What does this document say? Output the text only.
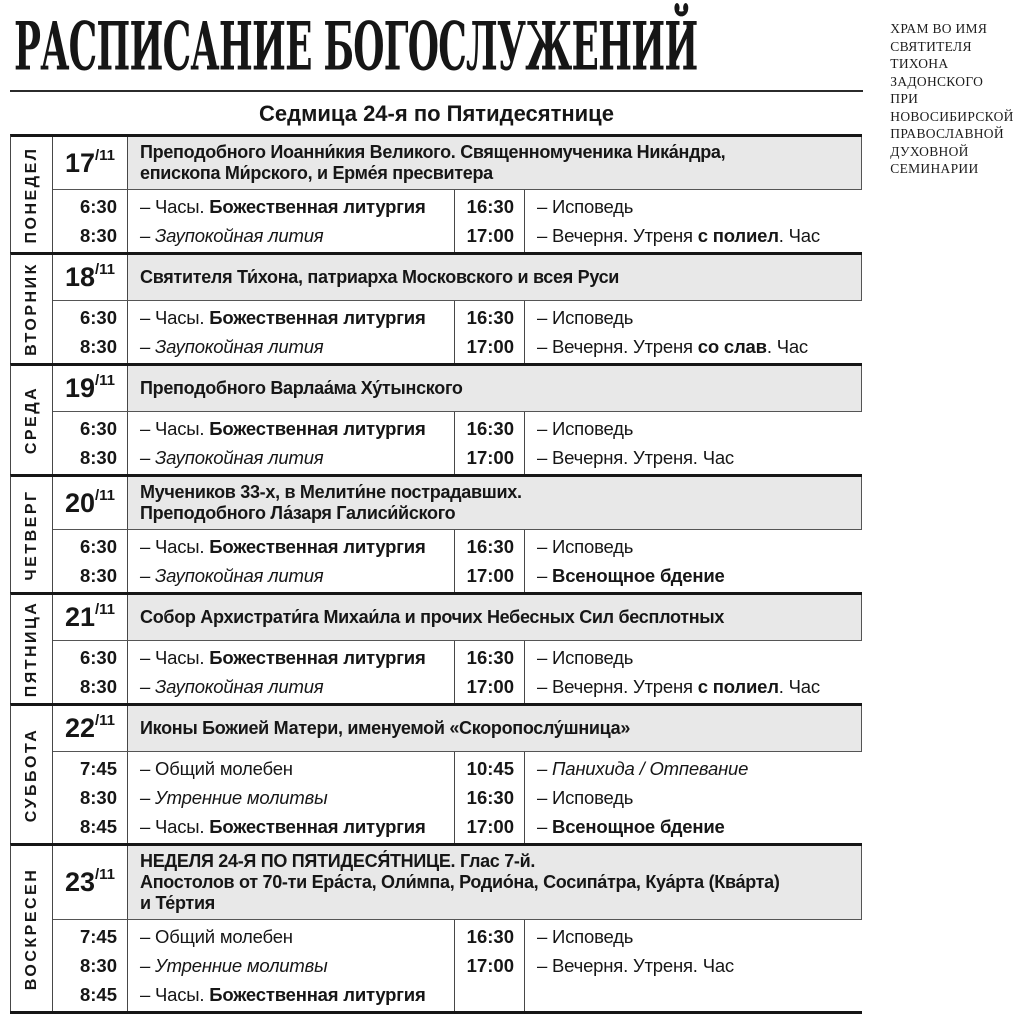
РАСПИСАНИЕ БОГОСЛУЖЕНИЙ	ХРАМ ВО ИМЯ
СВЯТИТЕЛЯ ТИХОНА ЗАДОНСКОГО
ПРИ НОВОСИБИРСКОЙ ПРАВОСЛАВНОЙ
ДУХОВНОЙ СЕМИНАРИИ
Седмица 24-я по Пятидесятнице
ПОНЕДЕЛ 17 /11 Преподобного Иоанни́кия Великого. Священномученика Ника́ндра,
епископа Ми́рского, и Ерме́я пресвитера
6:30
8:30
– Часы. Божественная литургия
– Заупокойная лития
16:30
17:00
– Исповедь
– Вечерня. Утреня с полиел. Час
ВТОРНИК 18 /11 Святителя Ти́хона, патриарха Московского и всея Руси
6:30
8:30
– Часы. Божественная литургия
– Заупокойная лития
16:30
17:00
– Исповедь
– Вечерня. Утреня со слав. Час
СРЕДА 19 /11 Преподобного Варлаа́ма Ху́тынского
6:30
8:30
– Часы. Божественная литургия
– Заупокойная лития
16:30
17:00
– Исповедь
– Вечерня. Утреня. Час
ЧЕТВЕРГ 20 /11 Мучеников 33-х, в Мелити́не пострадавших.
Преподобного Ла́заря Галиси́йского
6:30
8:30
– Часы. Божественная литургия
– Заупокойная лития
16:30
17:00
– Исповедь
– Всенощное бдение
ПЯТНИЦА 21 /11 Собор Архистрати́га Михаи́ла и прочих Небесных Сил бесплотных
6:30
8:30
– Часы. Божественная литургия
– Заупокойная лития
16:30
17:00
– Исповедь
– Вечерня. Утреня с полиел. Час
СУББОТА 22 /11 Иконы Божией Матери, именуемой «Скоропослу́шница»
7:45
8:30
8:45
– Общий молебен
– Утренние молитвы
– Часы. Божественная литургия
10:45
16:30
17:00
– Панихида / Отпевание
– Исповедь
– Всенощное бдение
ВОСКРЕСЕН 23 /11
НЕДЕЛЯ 24-Я ПО ПЯТИДЕСЯ́ТНИЦЕ. Глас 7-й.
Апостолов от 70-ти Ера́ста, Оли́мпа, Родио́на, Сосипа́тра, Куа́рта (Ква́рта)
и Те́ртия
7:45
8:30
8:45
– Общий молебен
– Утренние молитвы
– Часы. Божественная литургия
16:30
17:00
– Исповедь
– Вечерня. Утреня. Час
